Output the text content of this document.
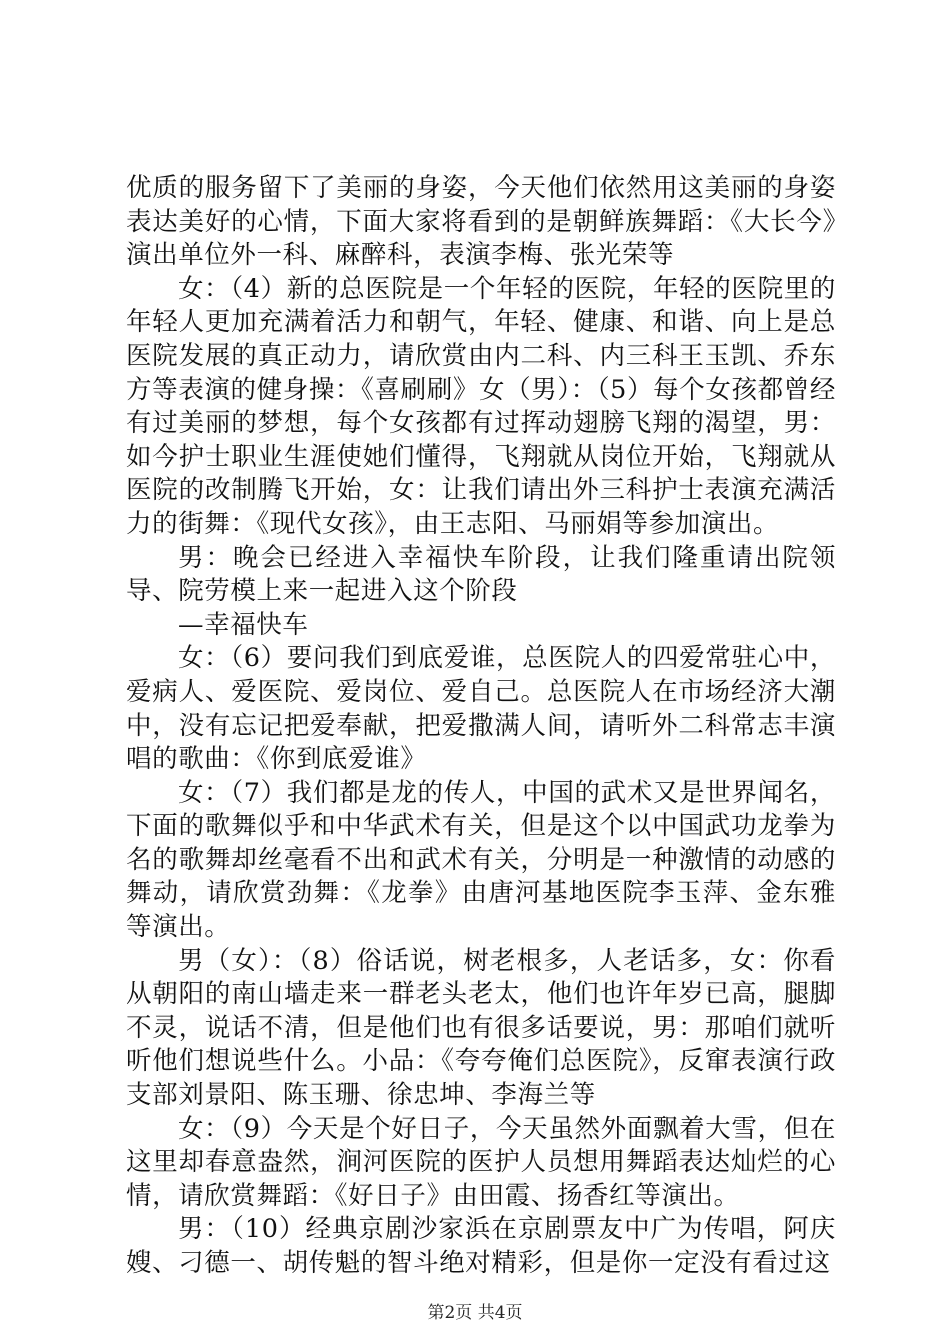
优质的服务留下了美丽的身姿，今天他们依然用这美丽的身姿表达美好的心情，下面大家将看到的是朝鲜族舞蹈：《大长今》演出单位外一科、麻醉科，表演李梅、张光荣等

女：（4）新的总医院是一个年轻的医院，年轻的医院里的年轻人更加充满着活力和朝气，年轻、健康、和谐、向上是总医院发展的真正动力，请欣赏由内二科、内三科王玉凯、乔东方等表演的健身操：《喜刷刷》女（男）：（5）每个女孩都曾经有过美丽的梦想，每个女孩都有过挥动翅膀飞翔的渴望，男：如今护士职业生涯使她们懂得，飞翔就从岗位开始，飞翔就从医院的改制腾飞开始，女：让我们请出外三科护士表演充满活力的街舞：《现代女孩》，由王志阳、马丽娟等参加演出。

男：晚会已经进入幸福快车阶段，让我们隆重请出院领导、院劳模上来一起进入这个阶段

—幸福快车

女：（6）要问我们到底爱谁，总医院人的四爱常驻心中，爱病人、爱医院、爱岗位、爱自己。总医院人在市场经济大潮中，没有忘记把爱奉献，把爱撒满人间，请听外二科常志丰演唱的歌曲：《你到底爱谁》

女：（7）我们都是龙的传人，中国的武术又是世界闻名，下面的歌舞似乎和中华武术有关，但是这个以中国武功龙拳为名的歌舞却丝毫看不出和武术有关，分明是一种激情的动感的舞动，请欣赏劲舞：《龙拳》由唐河基地医院李玉萍、金东雅等演出。

男（女）：（8）俗话说，树老根多，人老话多，女：你看从朝阳的南山墙走来一群老头老太，他们也许年岁已高，腿脚不灵，说话不清，但是他们也有很多话要说，男：那咱们就听听他们想说些什么。小品：《夸夸俺们总医院》，反窜表演行政支部刘景阳、陈玉珊、徐忠坤、李海兰等

女：（9）今天是个好日子，今天虽然外面飘着大雪，但在这里却春意盎然，涧河医院的医护人员想用舞蹈表达灿烂的心情，请欣赏舞蹈：《好日子》由田霞、扬香红等演出。

男：（10）经典京剧沙家浜在京剧票友中广为传唱，阿庆嫂、刁德一、胡传魁的智斗绝对精彩，但是你一定没有看过这

第2页 共4页
